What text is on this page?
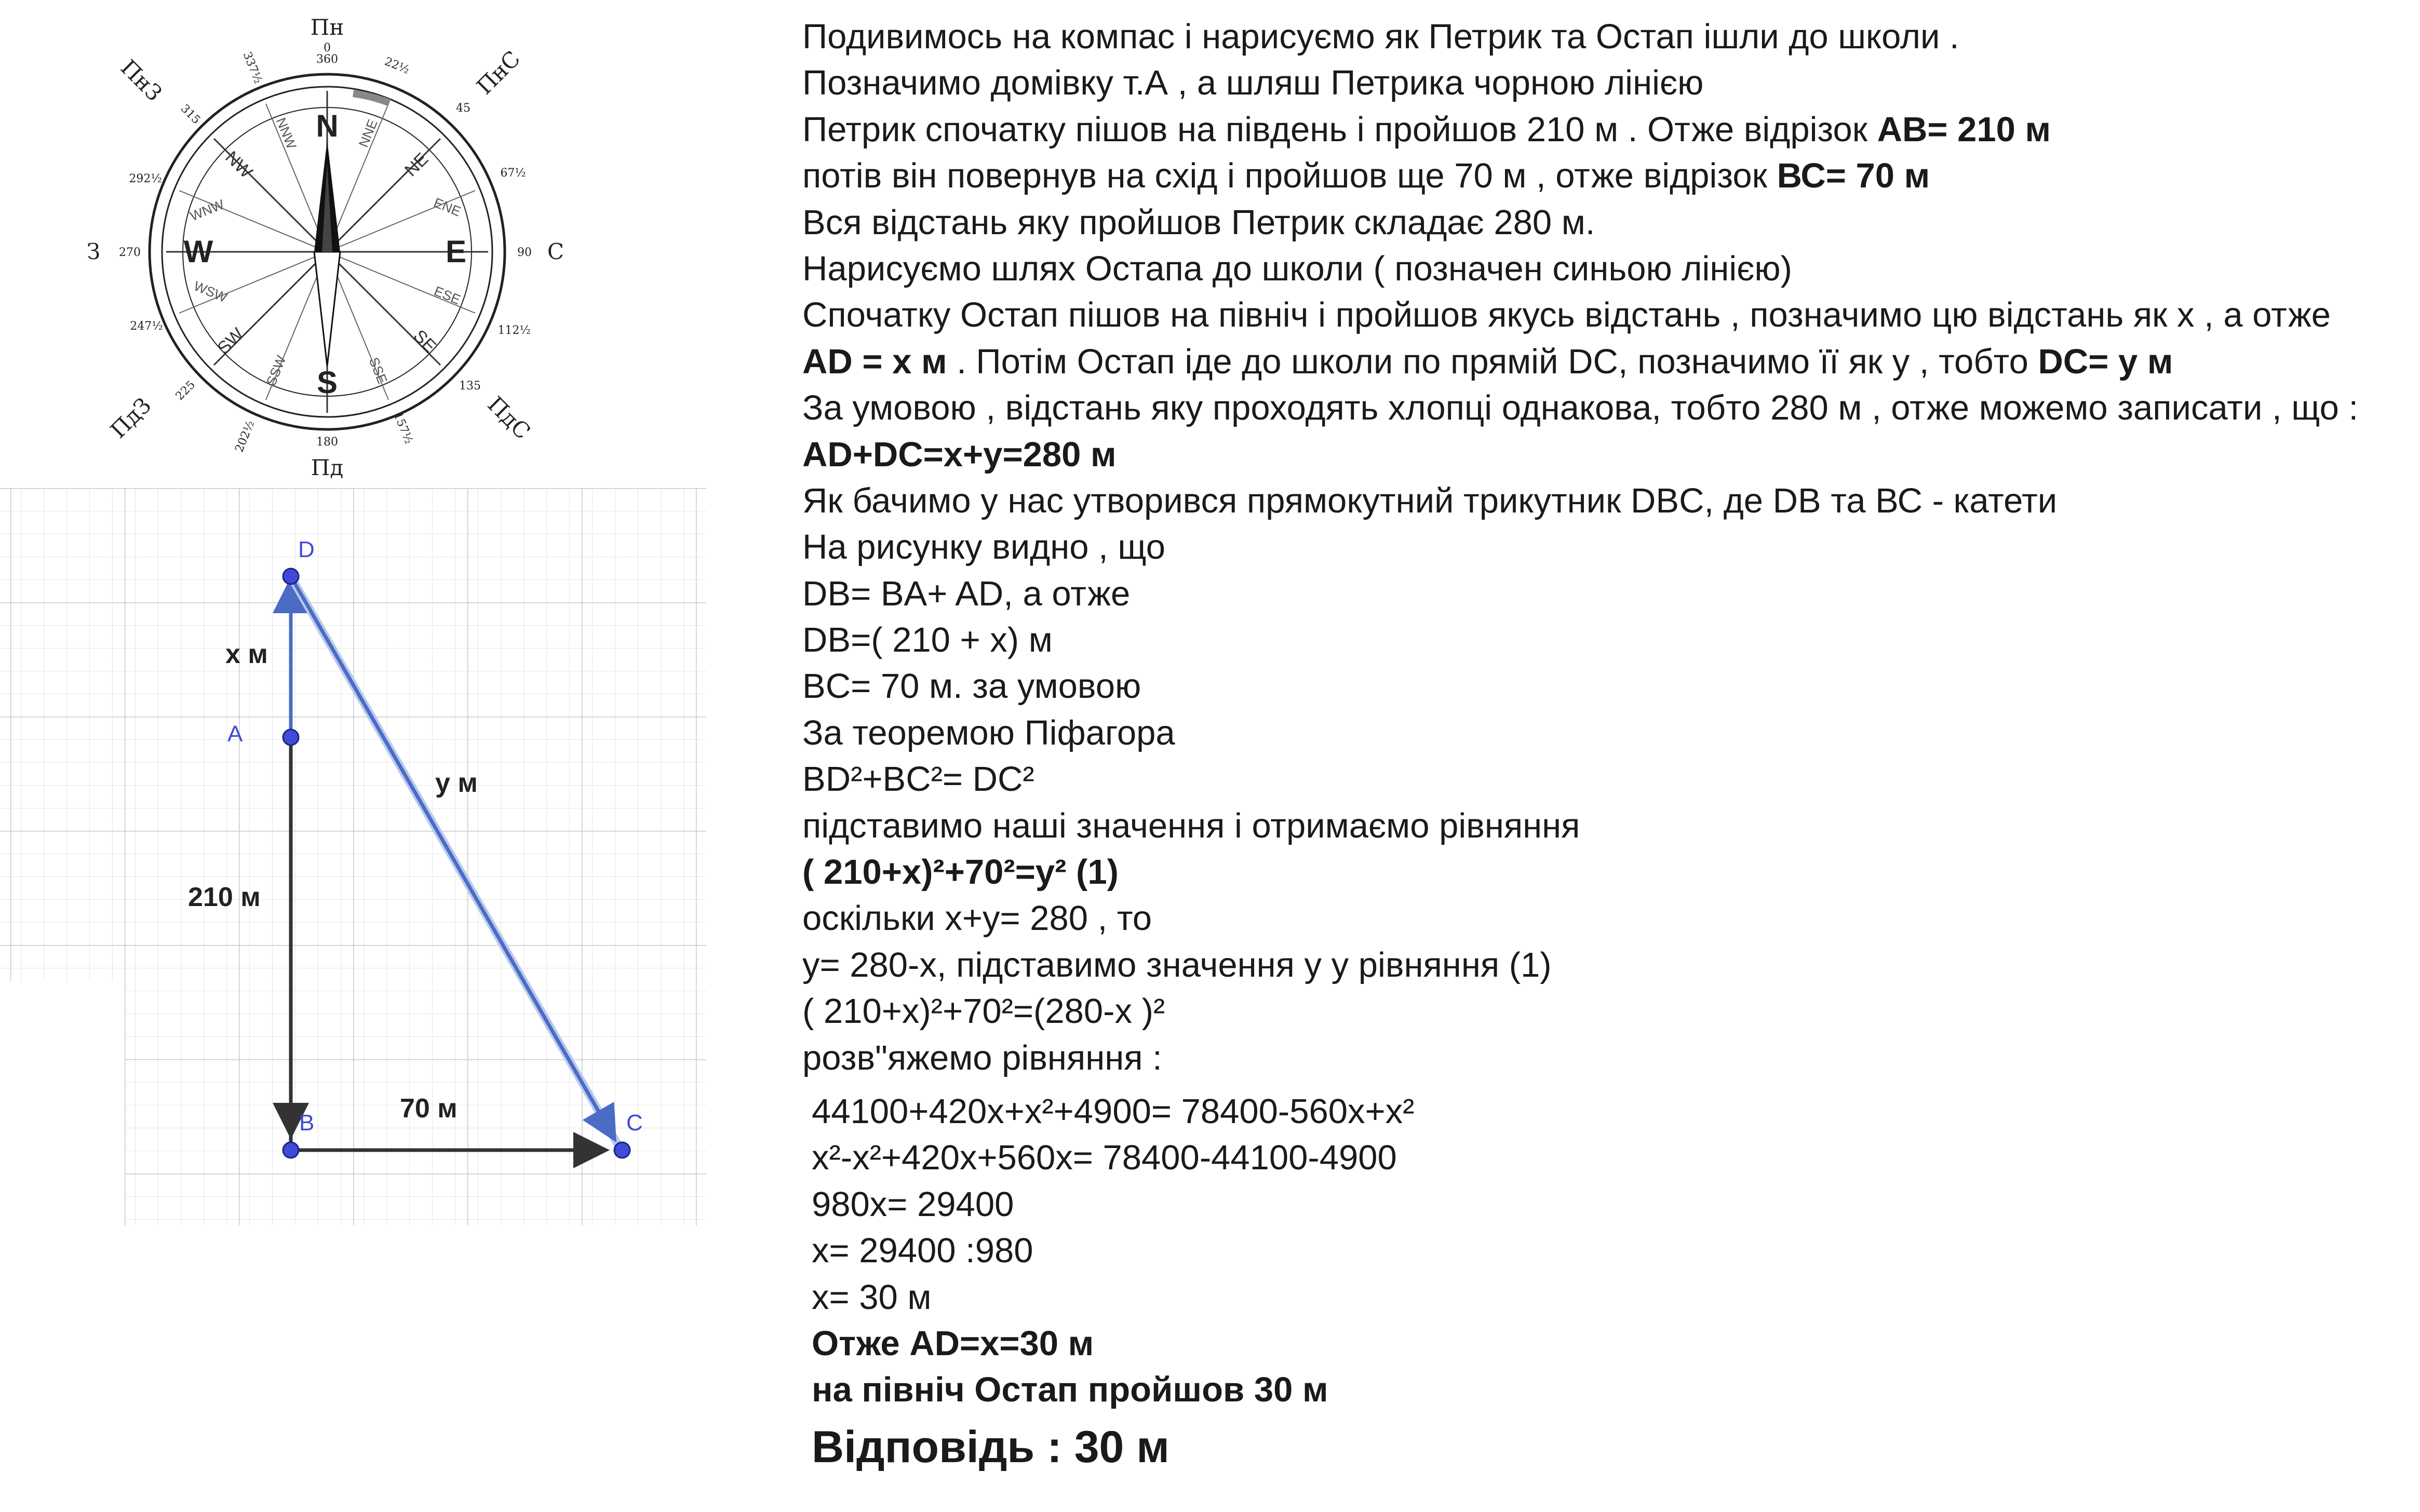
N
S
E
W
NE
NW
SE
SW
NNE
NNW
ENE
ESE
SSE
SSW
WNW
WSW
360
0
22½
45
67½
90
112½
135
157½
180
202½
225
247½
270
292½
315
337½
Пн
Пд
С
З
ПнС
ПнЗ
ПдС
ПдЗ
D
A
B	C
x м
y м
210 м
70 м
Подивимось на компас і нарисуємо як Петрик та Остап ішли до школи .
Позначимо домівку т.А , а шляш Петрика чорною лінією
Петрик спочатку пішов на південь і пройшов 210 м . Отже відрізок АВ= 210 м
потів він повернув на схід і пройшов ще 70 м , отже відрізок ВС= 70 м
Вся відстань яку пройшов Петрик складає 280 м.
Нарисуємо шлях Остапа до школи ( позначен синьою лінією)
Спочатку Остап пішов на північ і пройшов якусь відстань , позначимо цю відстань як х , а отже
AD = x м . Потім Остап іде до школи по прямій DC, позначимо її як у , тобто DC= y м
За умовою , відстань яку проходять хлопці однакова, тобто 280 м , отже можемо записати , що :
AD+DC=x+y=280 м
Як бачимо у нас утворився прямокутний трикутник DBC, де DB та ВС - катети
На рисунку видно , що
DB= BA+ AD, а отже
DB=( 210 + x) м
BC= 70 м. за умовою
За теоремою Піфагора
BD²+BC²= DC²
підставимо наші значення і отримаємо рівняння
( 210+x)²+70²=y² (1)
оскільки x+y= 280 , то
y= 280-x, підставимо значення у у рівняння (1)
( 210+x)²+70²=(280-x )²
розв"яжемо рівняння :
44100+420x+x²+4900= 78400-560x+x²
x²-x²+420x+560x= 78400-44100-4900
980x= 29400
x= 29400 :980
x= 30 м
Отже AD=x=30 м
на північ Остап пройшов 30 м
Відповідь : 30 м
